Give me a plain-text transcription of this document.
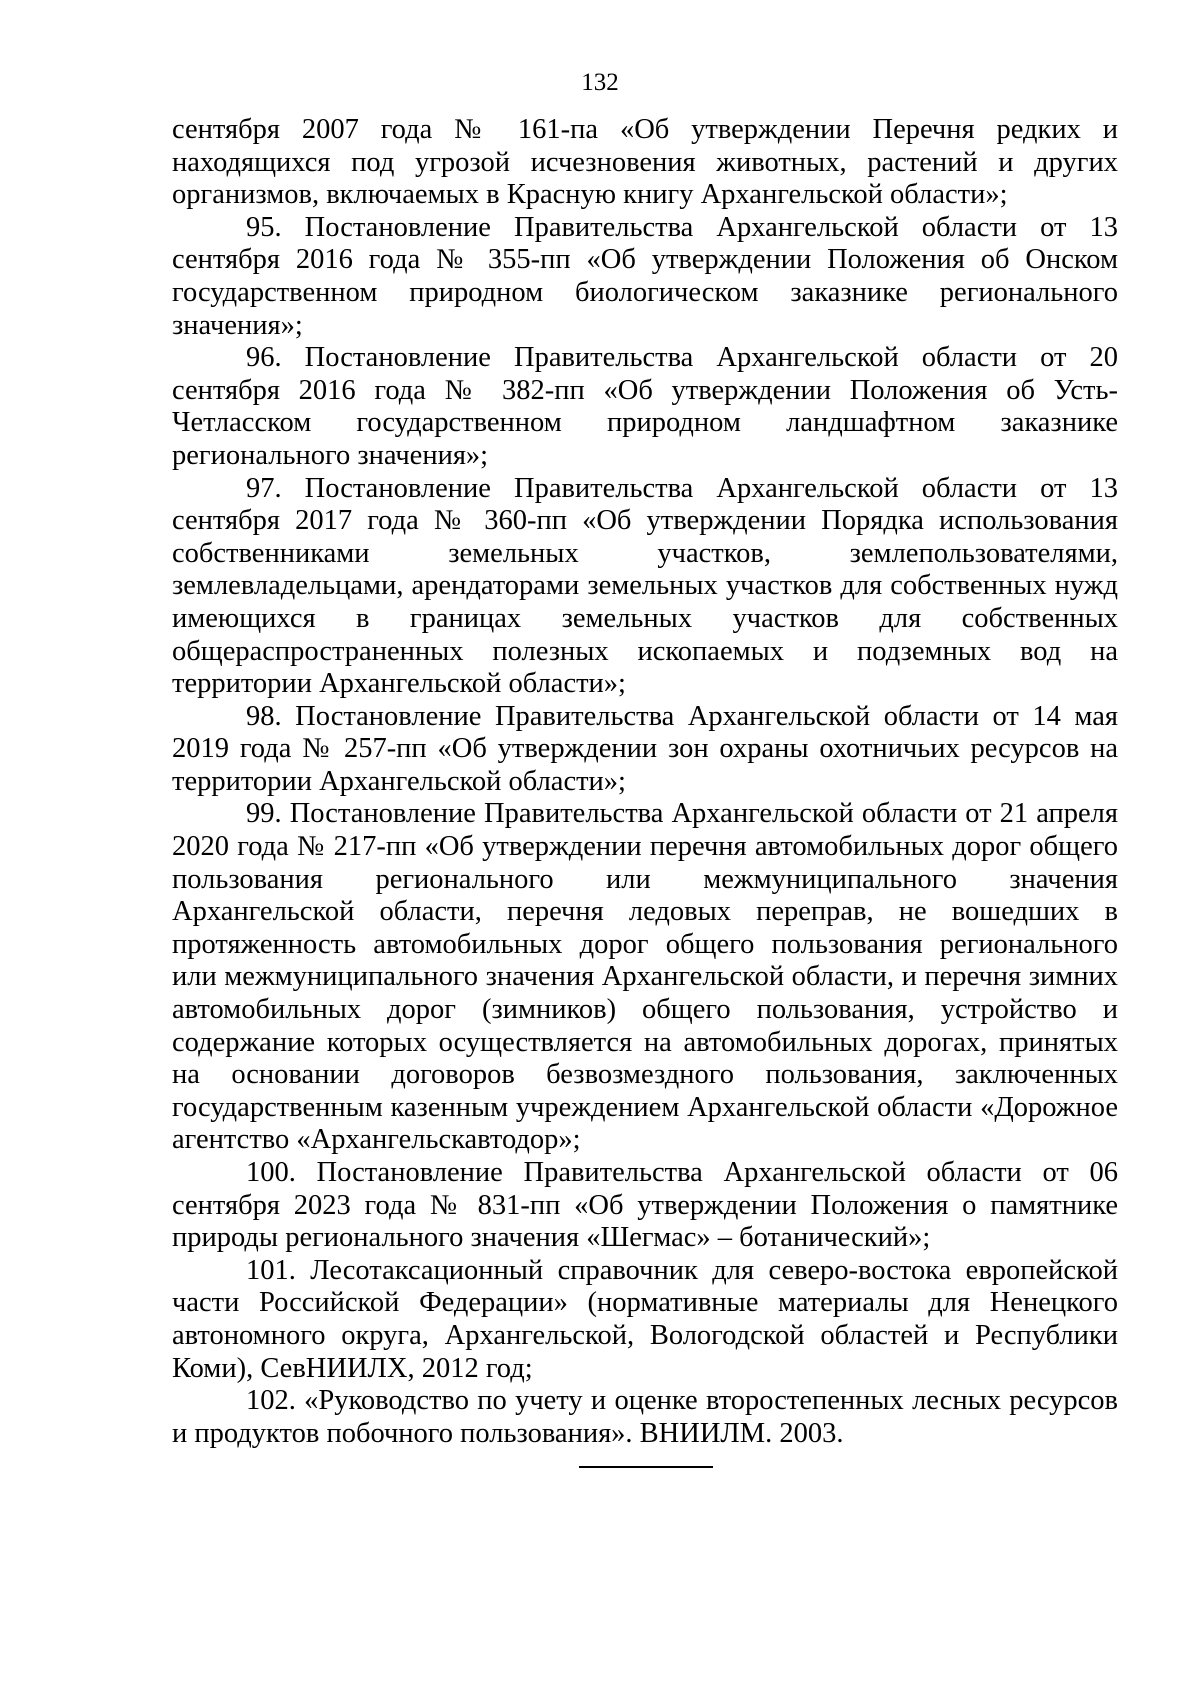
132

сентября 2007 года № 161-па «Об утверждении Перечня редких и находящихся под угрозой исчезновения животных, растений и других организмов, включаемых в Красную книгу Архангельской области»;

95. Постановление Правительства Архангельской области от 13 сентября 2016 года № 355-пп «Об утверждении Положения об Онском государственном природном биологическом заказнике регионального значения»;

96. Постановление Правительства Архангельской области от 20 сентября 2016 года № 382-пп «Об утверждении Положения об Усть-Четласском государственном природном ландшафтном заказнике регионального значения»;

97. Постановление Правительства Архангельской области от 13 сентября 2017 года № 360-пп «Об утверждении Порядка использования собственниками земельных участков, землепользователями, землевладельцами, арендаторами земельных участков для собственных нужд имеющихся в границах земельных участков для собственных общераспространенных полезных ископаемых и подземных вод на территории Архангельской области»;

98. Постановление Правительства Архангельской области от 14 мая 2019 года № 257-пп «Об утверждении зон охраны охотничьих ресурсов на территории Архангельской области»;

99. Постановление Правительства Архангельской области от 21 апреля 2020 года № 217-пп «Об утверждении перечня автомобильных дорог общего пользования регионального или межмуниципального значения Архангельской области, перечня ледовых переправ, не вошедших в протяженность автомобильных дорог общего пользования регионального или межмуниципального значения Архангельской области, и перечня зимних автомобильных дорог (зимников) общего пользования, устройство и содержание которых осуществляется на автомобильных дорогах, принятых на основании договоров безвозмездного пользования, заключенных государственным казенным учреждением Архангельской области «Дорожное агентство «Архангельскавтодор»;

100. Постановление Правительства Архангельской области от 06 сентября 2023 года № 831-пп «Об утверждении Положения о памятнике природы регионального значения «Шегмас» – ботанический»;

101. Лесотаксационный справочник для северо-востока европейской части Российской Федерации» (нормативные материалы для Ненецкого автономного округа, Архангельской, Вологодской областей и Республики Коми), СевНИИЛХ, 2012 год;

102. «Руководство по учету и оценке второстепенных лесных ресурсов и продуктов побочного пользования». ВНИИЛМ. 2003.
